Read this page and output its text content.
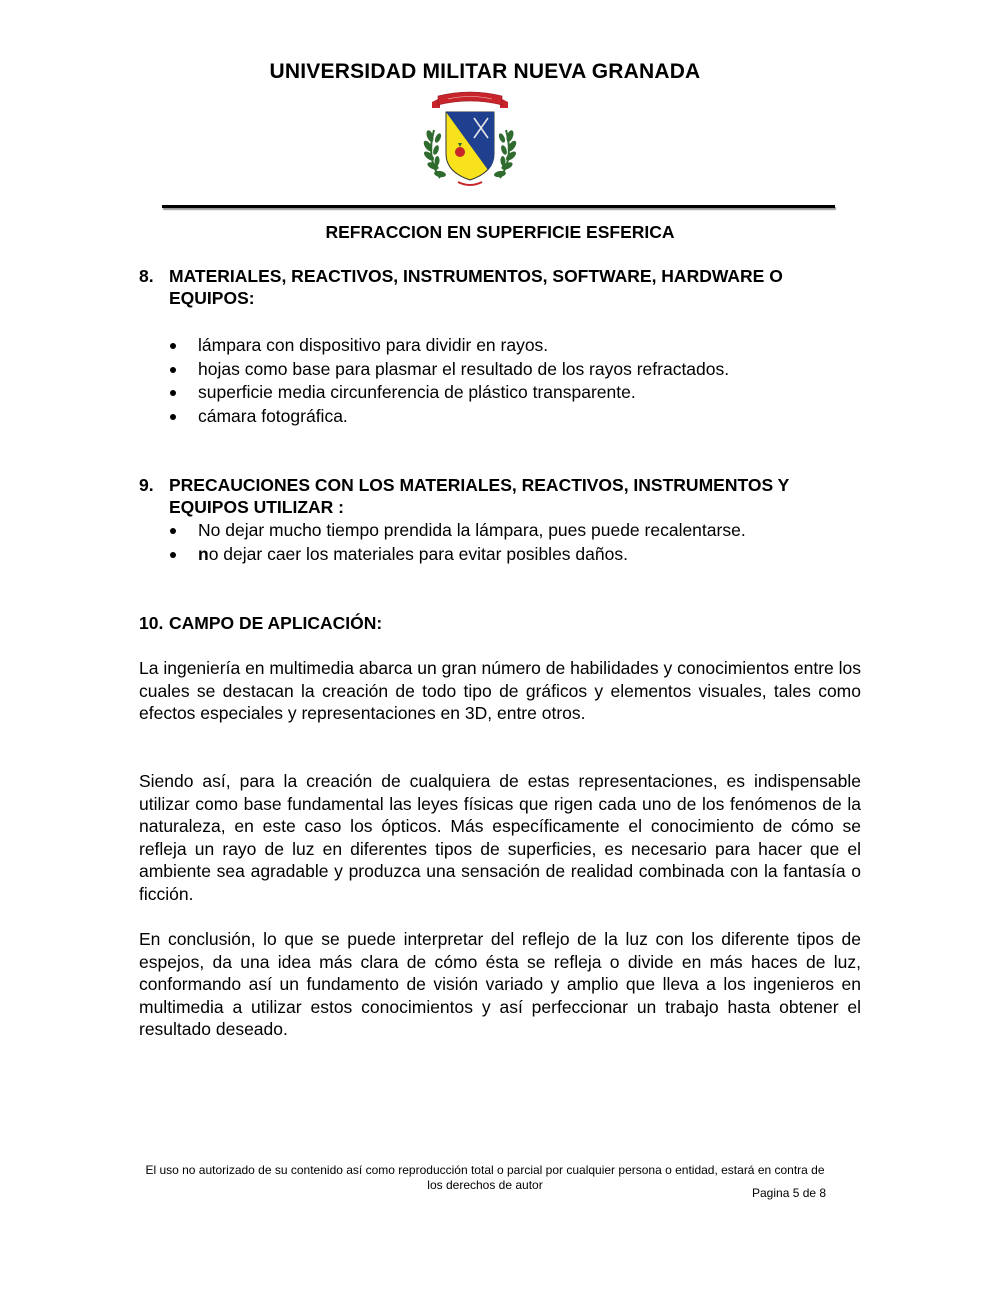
UNIVERSIDAD MILITAR NUEVA GRANADA
REFRACCION EN SUPERFICIE ESFERICA
8. MATERIALES, REACTIVOS, INSTRUMENTOS, SOFTWARE, HARDWARE O EQUIPOS:
lámpara con dispositivo para dividir en rayos.
hojas como base para plasmar el resultado de los rayos refractados.
superficie media circunferencia de plástico transparente.
cámara fotográfica.
9. PRECAUCIONES CON LOS MATERIALES, REACTIVOS, INSTRUMENTOS Y EQUIPOS UTILIZAR :
No dejar mucho tiempo prendida la lámpara, pues puede recalentarse.
no dejar caer los materiales para evitar posibles daños.
10. CAMPO DE APLICACIÓN:

La ingeniería en multimedia abarca un gran número de habilidades y conocimientos entre los cuales se destacan la creación de todo tipo de gráficos y elementos visuales, tales como efectos especiales y representaciones en 3D, entre otros.

Siendo así, para la creación de cualquiera de estas representaciones, es indispensable utilizar como base fundamental las leyes físicas que rigen cada uno de los fenómenos de la naturaleza, en este caso los ópticos. Más específicamente el conocimiento de cómo se refleja un rayo de luz en diferentes tipos de superficies, es necesario para hacer que el ambiente sea agradable y produzca una sensación de realidad combinada con la fantasía o ficción.

En conclusión, lo que se puede interpretar del reflejo de la luz con los diferente tipos de espejos, da una idea más clara de cómo ésta se refleja o divide en más haces de luz, conformando así un fundamento de visión variado y amplio que lleva a los ingenieros en multimedia a utilizar estos conocimientos y así perfeccionar un trabajo hasta obtener el resultado deseado.

El uso no autorizado de su contenido así como reproducción total o parcial por cualquier persona o entidad, estará en contra de los derechos de autor
Pagina 5 de 8
